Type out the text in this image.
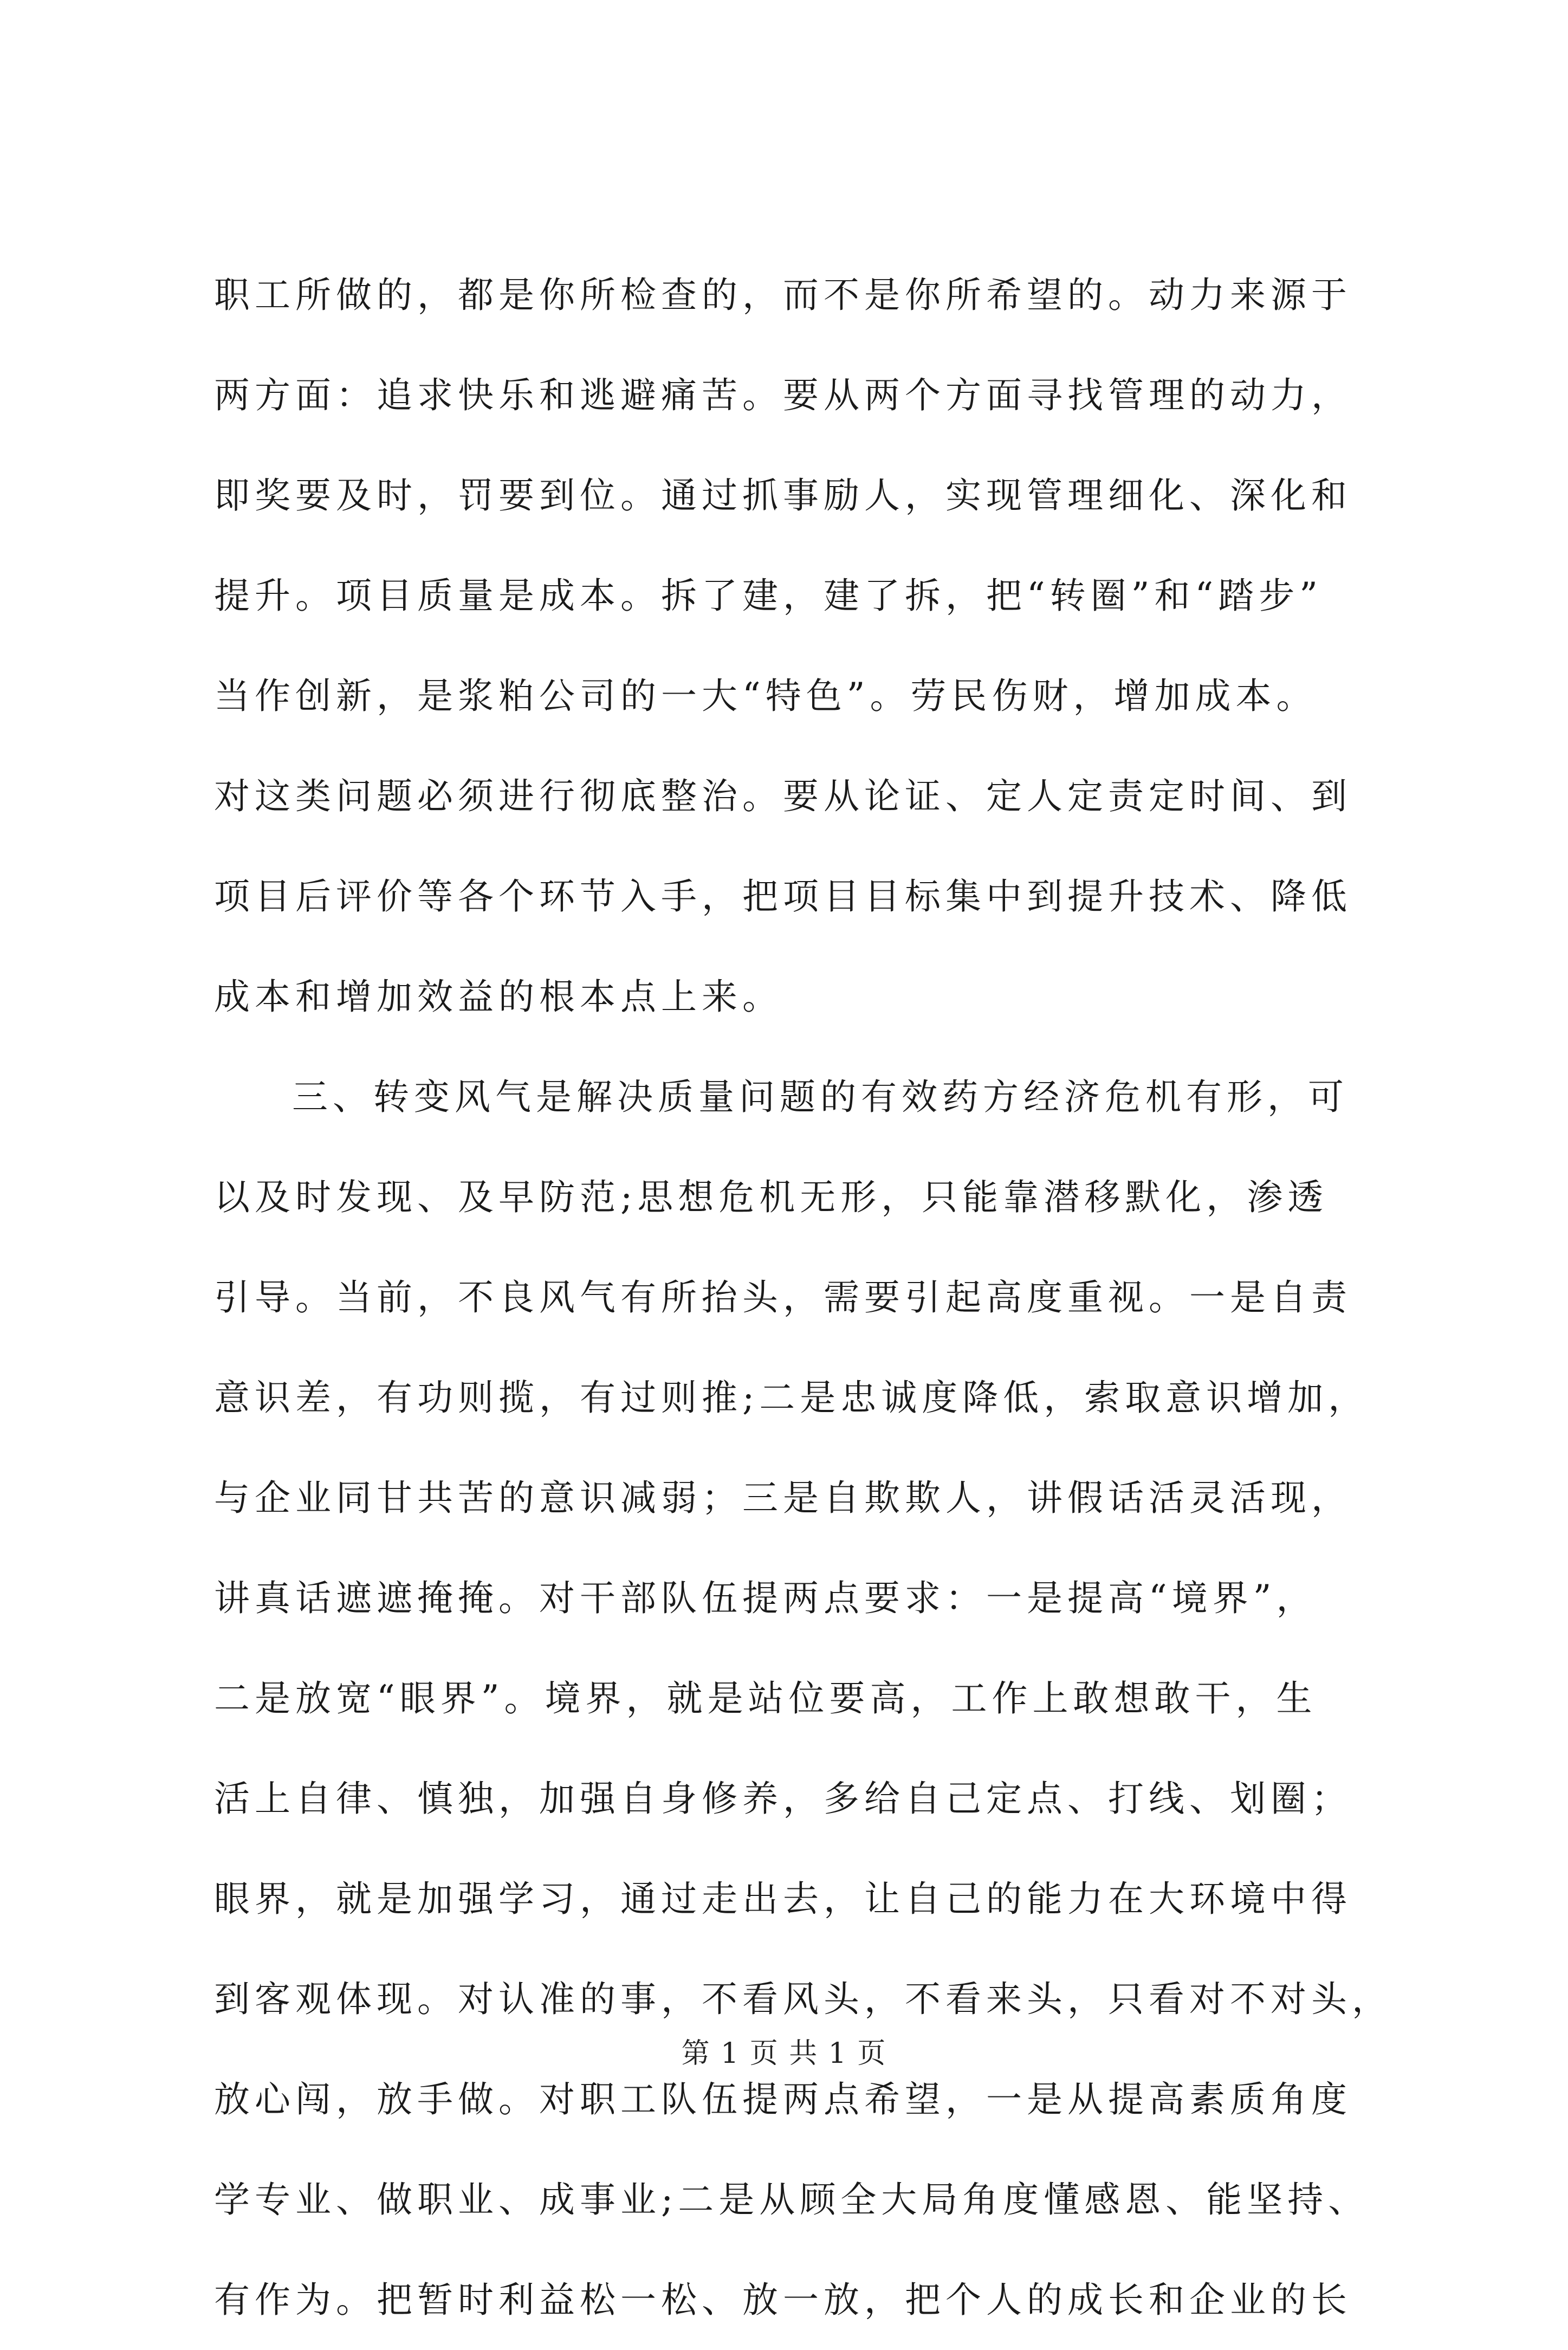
职工所做的，都是你所检查的，而不是你所希望的。动力来源于
两方面：追求快乐和逃避痛苦。要从两个方面寻找管理的动力，
即奖要及时，罚要到位。通过抓事励人，实现管理细化、深化和
提升。项目质量是成本。拆了建，建了拆，把“转圈”和“踏步”
当作创新，是浆粕公司的一大“特色”。劳民伤财，增加成本。
对这类问题必须进行彻底整治。要从论证、定人定责定时间、到
项目后评价等各个环节入手，把项目目标集中到提升技术、降低
成本和增加效益的根本点上来。
三、转变风气是解决质量问题的有效药方经济危机有形，可
以及时发现、及早防范;思想危机无形，只能靠潜移默化，渗透
引导。当前，不良风气有所抬头，需要引起高度重视。一是自责
意识差，有功则揽，有过则推;二是忠诚度降低，索取意识增加，
与企业同甘共苦的意识减弱；三是自欺欺人，讲假话活灵活现，
讲真话遮遮掩掩。对干部队伍提两点要求：一是提高“境界”，
二是放宽“眼界”。境界，就是站位要高，工作上敢想敢干，生
活上自律、慎独，加强自身修养，多给自己定点、打线、划圈；
眼界，就是加强学习，通过走出去，让自己的能力在大环境中得
到客观体现。对认准的事，不看风头，不看来头，只看对不对头，
放心闯，放手做。对职工队伍提两点希望，一是从提高素质角度
学专业、做职业、成事业;二是从顾全大局角度懂感恩、能坚持、
有作为。把暂时利益松一松、放一放，把个人的成长和企业的长
第 1 页 共 1 页
